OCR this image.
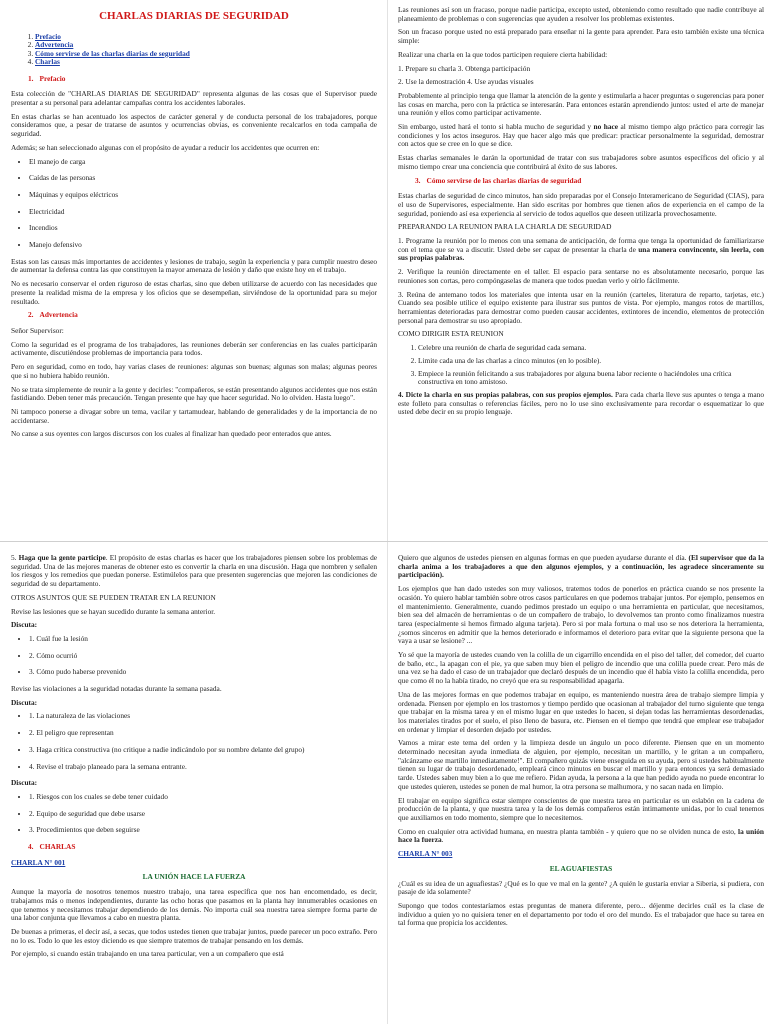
CHARLAS DIARIAS DE SEGURIDAD
1. Prefacio
2. Advertencia
3. Cómo servirse de las charlas diarias de seguridad
4. Charlas
1. Prefacio

Esta colección de "CHARLAS DIARIAS DE SEGURIDAD" representa algunas de las cosas que el Supervisor puede presentar a su personal para adelantar campañas contra los accidentes laborales.

En estas charlas se han acentuado los aspectos de carácter general y de conducta personal de los trabajadores, porque consideramos que, a pesar de tratarse de asuntos y ocurrencias obvias, es conveniente recalcarlos en toda campaña de seguridad.

Además; se han seleccionado algunas con el propósito de ayudar a reducir los accidentes que ocurren en:

• El manejo de carga
• Caídas de las personas
• Máquinas y equipos eléctricos
• Electricidad
• Incendios
• Manejo defensivo

Estas son las causas más importantes de accidentes y lesiones de trabajo, según la experiencia y para cumplir nuestro deseo de aumentar la defensa contra las que constituyen la mayor amenaza de lesión y daño que existe hoy en el trabajo.

No es necesario conservar el orden riguroso de estas charlas, sino que deben utilizarse de acuerdo con las necesidades que presente la realidad misma de la empresa y los oficios que se desempeñan, sirviéndose de la oportunidad para su mejor resultado.

2. Advertencia

Señor Supervisor:

Como la seguridad es el programa de los trabajadores, las reuniones deberán ser conferencias en las cuales participarán activamente, discutiéndose problemas de importancia para todos.

Pero en seguridad, como en todo, hay varias clases de reuniones: algunas son buenas; algunas son malas; algunas peores que si no hubiera habido reunión.

No se trata simplemente de reunir a la gente y decirles: "compañeros, se están presentando algunos accidentes que nos están fastidiando. Deben tener más precaución. Tengan presente que hay que hacer seguridad. No lo olviden. Hasta luego".

Ni tampoco ponerse a divagar sobre un tema, vacilar y tartamudear, hablando de generalidades y de la importancia de no accidentarse.

No canse a sus oyentes con largos discursos con los cuales al finalizar han quedado peor enterados que antes.

Las reuniones así son un fracaso, porque nadie participa, excepto usted, obteniendo como resultado que nadie contribuye al planeamiento de problemas o con sugerencias que ayuden a resolver los problemas existentes.

Son un fracaso porque usted no está preparado para enseñar ni la gente para aprender. Para esto también existe una técnica simple:

Realizar una charla en la que todos participen requiere cierta habilidad:

1. Prepare su charla 3. Obtenga participación

2. Use la demostración 4. Use ayudas visuales

Probablemente al principio tenga que llamar la atención de la gente y estimularla a hacer preguntas o sugerencias para poner las cosas en marcha, pero con la práctica se interesarán. Para entonces estarán aprendiendo juntos: usted el arte de manejar una reunión y ellos como participar activamente.

Sin embargo, usted hará el tonto si habla mucho de seguridad y no hace al mismo tiempo algo práctico para corregir las condiciones y los actos inseguros. Hay que hacer algo más que predicar: practicar personalmente la seguridad, demostrar con actos que se cree en lo que se dice.

Estas charlas semanales le darán la oportunidad de tratar con sus trabajadores sobre asuntos específicos del oficio y al mismo tiempo crear una conciencia que contribuirá al éxito de sus labores.

3. Cómo servirse de las charlas diarias de seguridad

Estas charlas de seguridad de cinco minutos, han sido preparadas por el Consejo Interamericano de Seguridad (CIAS), para el uso de Supervisores, especialmente. Han sido escritas por hombres que tienen años de experiencia en el campo de la seguridad, poniendo así esa experiencia al servicio de todos aquellos que deseen utilizarla provechosamente.

PREPARANDO LA REUNION PARA LA CHARLA DE SEGURIDAD

1. Programe la reunión por lo menos con una semana de anticipación, de forma que tenga la oportunidad de familiarizarse con el tema que se va a discutir. Usted debe ser capaz de presentar la charla de una manera convincente, sin leerla, con sus propias palabras.

2. Verifique la reunión directamente en el taller. El espacio para sentarse no es absolutamente necesario, porque las reuniones son cortas, pero compóngaselas de manera que todos puedan verlo y oírlo fácilmente.

3. Reúna de antemano todos los materiales que intenta usar en la reunión (carteles, literatura de reparto, tarjetas, etc.) Cuando sea posible utilice el equipo existente para ilustrar sus puntos de vista. Por ejemplo, mangos rotos de martillos, herramientas deterioradas para demostrar como pueden causar accidentes, extintores de incendio, elementos de protección personal para demostrar su uso apropiado.

COMO DIRIGIR ESTA REUNION

1. Celebre una reunión de charla de seguridad cada semana.
2. Limite cada una de las charlas a cinco minutos (en lo posible).
3. Empiece la reunión felicitando a sus trabajadores por alguna buena labor reciente o haciéndoles una crítica constructiva en tono amistoso.

4. Dicte la charla en sus propias palabras, con sus propios ejemplos. Para cada charla lleve sus apuntes o tenga a mano este folleto para consultas o referencias fáciles, pero no lo use sino exclusivamente para recordar o esquematizar lo que usted debe decir en su propio lenguaje.

5. Haga que la gente participe. El propósito de estas charlas es hacer que los trabajadores piensen sobre los problemas de seguridad. Una de las mejores maneras de obtener esto es convertir la charla en una discusión. Haga que nombren y señalen los riesgos y los remedios que puedan ponerse. Estimúlelos para que presenten sugerencias que mejoren las condiciones de seguridad de su departamento.

OTROS ASUNTOS QUE SE PUEDEN TRATAR EN LA REUNION

Revise las lesiones que se hayan sucedido durante la semana anterior.

Discuta:

• 1. Cuál fue la lesión
• 2. Cómo ocurrió
• 3. Cómo pudo haberse prevenido

Revise las violaciones a la seguridad notadas durante la semana pasada.

Discuta:

• 1. La naturaleza de las violaciones
• 2. El peligro que representan
• 3. Haga crítica constructiva (no critique a nadie indicándolo por su nombre delante del grupo)
• 4. Revise el trabajo planeado para la semana entrante.

Discuta:

• 1. Riesgos con los cuales se debe tener cuidado
• 2. Equipo de seguridad que debe usarse
• 3. Procedimientos que deben seguirse
4. CHARLAS
CHARLA N° 001
LA UNIÓN HACE LA FUERZA

Aunque la mayoría de nosotros tenemos nuestro trabajo, una tarea específica que nos han encomendado, es decir, trabajamos más o menos independientes, durante las ocho horas que pasamos en la planta hay innumerables ocasiones en que tenemos y necesitamos trabajar dependiendo de los demás. No importa cuál sea nuestra tarea siempre forma parte de una labor conjunta que llevamos a cabo en nuestra planta.

De buenas a primeras, el decir así, a secas, que todos ustedes tienen que trabajar juntos, puede parecer un poco extraño. Pero no lo es. Todo lo que les estoy diciendo es que siempre tratemos de trabajar pensando en los demás.

Por ejemplo, si cuando están trabajando en una tarea particular, ven a un compañero que está

Quiero que algunos de ustedes piensen en algunas formas en que pueden ayudarse durante el día. (El supervisor que da la charla anima a los trabajadores a que den algunos ejemplos, y a continuación, les agradece sinceramente su participación).

Los ejemplos que han dado ustedes son muy valiosos, tratemos todos de ponerlos en práctica cuando se nos presente la ocasión. Yo quiero hablar también sobre otros casos particulares en que podemos trabajar juntos. Por ejemplo, pensemos en el mantenimiento. Generalmente, cuando pedimos prestado un equipo o una herramienta en particular, que necesitamos, bien sea del almacén de herramientas o de un compañero de trabajo, lo devolvemos tan pronto como finalizamos nuestra tarea (especialmente si hemos firmado alguna tarjeta). Pero si por mala fortuna o mal uso se nos deteriora la herramienta, ¿somos sinceros en admitir que la hemos deteriorado e informamos el deterioro para evitar que la siguiente persona que la vaya a usar se lesione? ...

Yo sé que la mayoría de ustedes cuando ven la colilla de un cigarrillo encendida en el piso del taller, del comedor, del cuarto de baño, etc., la apagan con el pie, ya que saben muy bien el peligro de incendio que una colilla puede crear. Pero más de una vez se ha dado el caso de un trabajador que declaró después de un incendio que él había visto la colilla encendida, pero que como él no la había tirado, no creyó que era su responsabilidad apagarla.

Una de las mejores formas en que podemos trabajar en equipo, es manteniendo nuestra área de trabajo siempre limpia y ordenada. Piensen por ejemplo en los trastornos y tiempo perdido que ocasionan al trabajador del turno siguiente que tenga que trabajar en la misma tarea y en el mismo lugar en que ustedes lo hacen, si dejan todas las herramientas desordenadas, los materiales tirados por el suelo, el piso lleno de basura, etc. Piensen en el tiempo que tendrá que emplear ese trabajador en ordenar y limpiar el desorden dejado por ustedes.

Vamos a mirar este tema del orden y la limpieza desde un ángulo un poco diferente. Piensen que en un momento determinado necesitan ayuda inmediata de alguien, por ejemplo, necesitan un martillo, y le gritan a un compañero, "alcánzame ese martillo inmediatamente!". El compañero quizás viene enseguida en su ayuda, pero si ustedes habitualmente tienen su lugar de trabajo desordenado, empleará cinco minutos en buscar el martillo y para entonces ya será demasiado tarde. Ustedes saben muy bien a lo que me refiero. Pidan ayuda, la persona a la que han pedido ayuda no puede encontrar lo que ustedes quieren, ustedes se ponen de mal humor, la otra persona se malhumora, y no sacan nada en limpio.

El trabajar en equipo significa estar siempre conscientes de que nuestra tarea en particular es un eslabón en la cadena de producción de la planta, y que nuestra tarea y la de los demás compañeros están íntimamente unidas, por lo cual tenemos que auxiliarnos en todo momento, siempre que lo necesitemos.

Como en cualquier otra actividad humana, en nuestra planta también - y quiero que no se olviden nunca de esto, la unión hace la fuerza.

CHARLA N° 003
EL AGUAFIESTAS

¿Cuál es su idea de un aguafiestas? ¿Qué es lo que ve mal en la gente? ¿A quién le gustaría enviar a Siberia, si pudiera, con pasaje de ida solamente?

Supongo que todos contestaríamos estas preguntas de manera diferente, pero... déjenme decirles cuál es la clase de individuo a quien yo no quisiera tener en el departamento por todo el oro del mundo. Es el trabajador que hace su tarea en tal forma que propicia los accidentes.
